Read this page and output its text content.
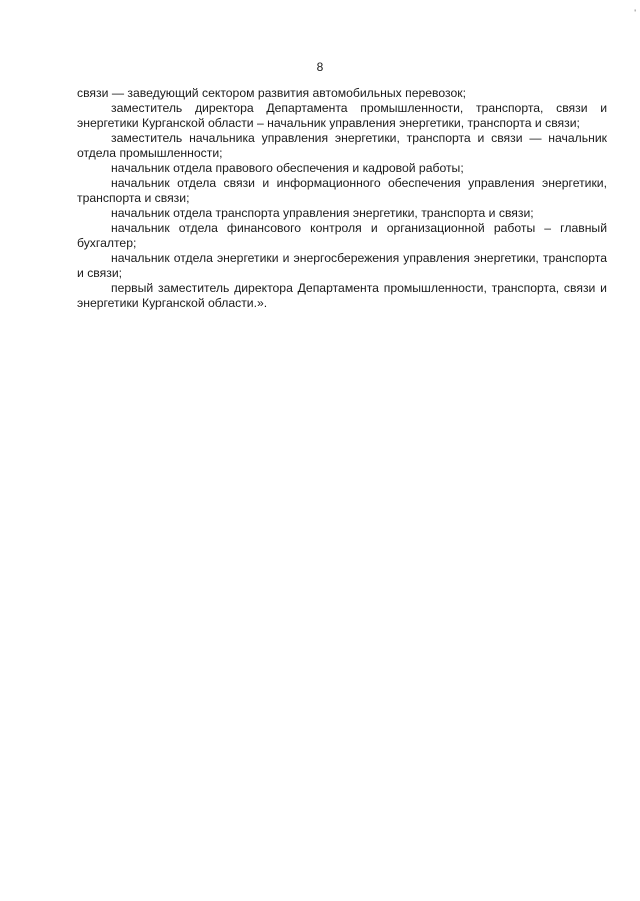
'
8

связи — заведующий сектором развития автомобильных перевозок;

заместитель директора Департамента промышленности, транспорта, связи и энергетики Курганской области – начальник управления энергетики, транспорта и связи;

заместитель начальника управления энергетики, транспорта и связи — начальник отдела промышленности;

начальник отдела правового обеспечения и кадровой работы;

начальник отдела связи и информационного обеспечения управления энергетики, транспорта и связи;

начальник отдела транспорта управления энергетики, транспорта и связи;

начальник отдела финансового контроля и организационной работы – главный бухгалтер;

начальник отдела энергетики и энергосбережения управления энергетики, транспорта и связи;

первый заместитель директора Департамента промышленности, транспорта, связи и энергетики Курганской области.».
